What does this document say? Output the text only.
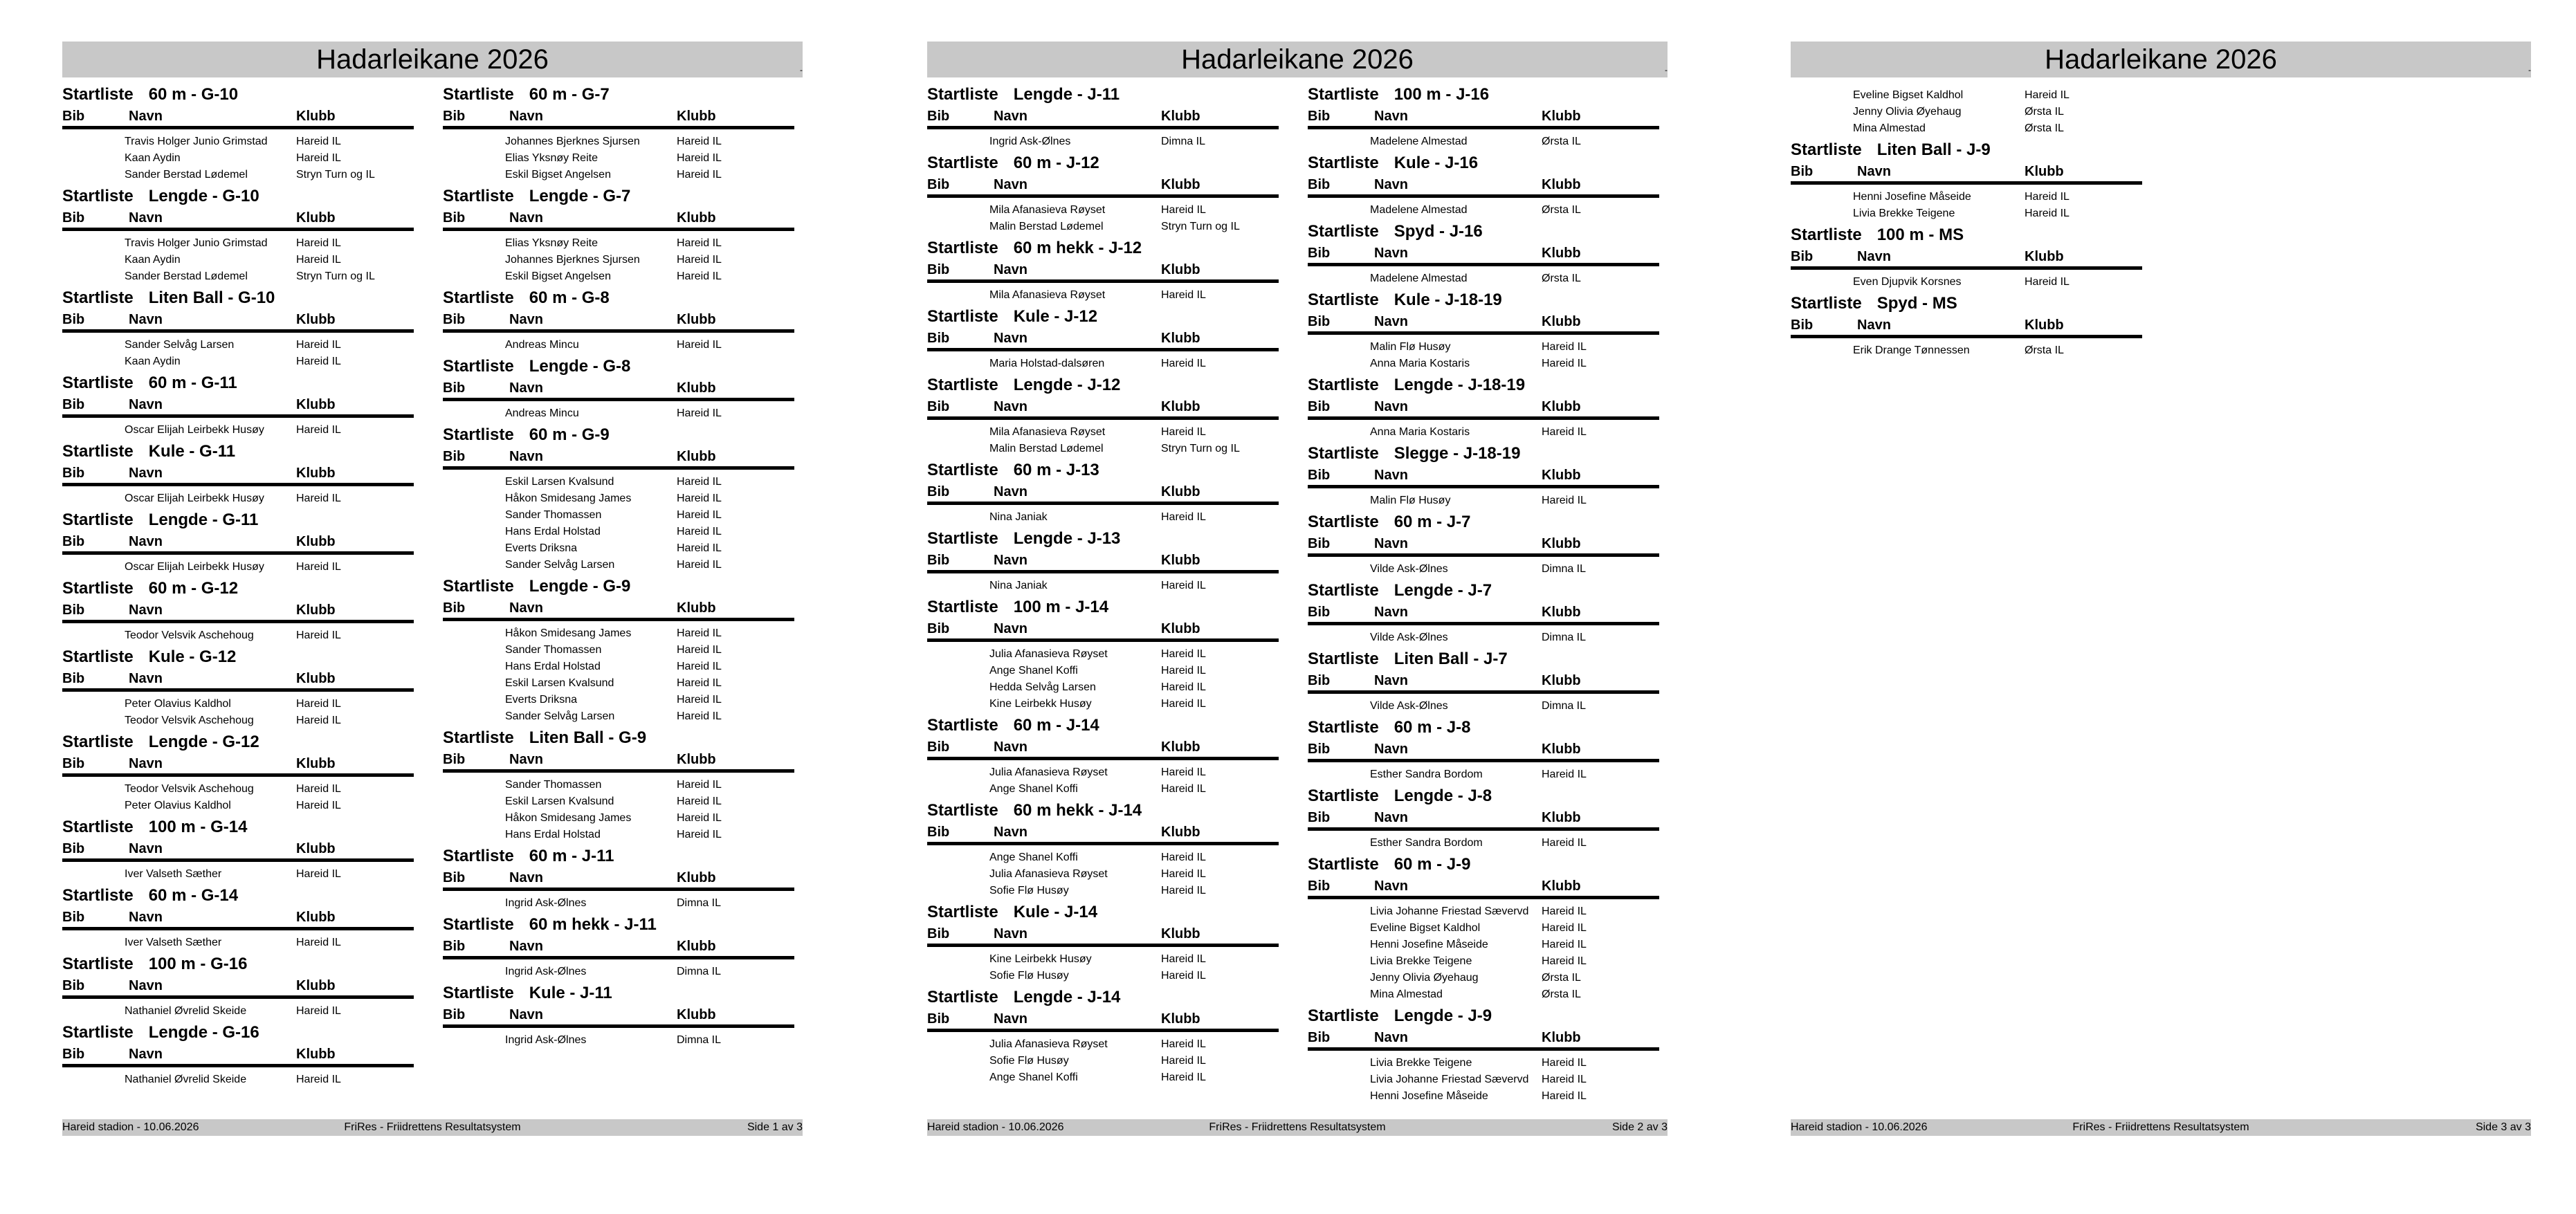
Hadarleikane 2026	-
Startliste 60 m - G-10
Bib	Navn	Klubb
Travis Holger Junio Grimstad	Hareid IL
Kaan Aydin	Hareid IL
Sander Berstad Lødemel	Stryn Turn og IL
Startliste Lengde - G-10
Bib	Navn	Klubb
Travis Holger Junio Grimstad	Hareid IL
Kaan Aydin	Hareid IL
Sander Berstad Lødemel	Stryn Turn og IL
Startliste Liten Ball - G-10
Bib	Navn	Klubb
Sander Selvåg Larsen	Hareid IL
Kaan Aydin	Hareid IL
Startliste 60 m - G-11
Bib	Navn	Klubb
Oscar Elijah Leirbekk Husøy	Hareid IL
Startliste Kule - G-11
Bib	Navn	Klubb
Oscar Elijah Leirbekk Husøy	Hareid IL
Startliste Lengde - G-11
Bib	Navn	Klubb
Oscar Elijah Leirbekk Husøy	Hareid IL
Startliste 60 m - G-12
Bib	Navn	Klubb
Teodor Velsvik Aschehoug	Hareid IL
Startliste Kule - G-12
Bib	Navn	Klubb
Peter Olavius Kaldhol	Hareid IL
Teodor Velsvik Aschehoug	Hareid IL
Startliste Lengde - G-12
Bib	Navn	Klubb
Teodor Velsvik Aschehoug	Hareid IL
Peter Olavius Kaldhol	Hareid IL
Startliste 100 m - G-14
Bib	Navn	Klubb
Iver Valseth Sæther	Hareid IL
Startliste 60 m - G-14
Bib	Navn	Klubb
Iver Valseth Sæther	Hareid IL
Startliste 100 m - G-16
Bib	Navn	Klubb
Nathaniel Øvrelid Skeide	Hareid IL
Startliste Lengde - G-16
Bib	Navn	Klubb
Nathaniel Øvrelid Skeide	Hareid IL
Startliste 60 m - G-7
Bib	Navn	Klubb
Johannes Bjerknes Sjursen	Hareid IL
Elias Yksnøy Reite	Hareid IL
Eskil Bigset Angelsen	Hareid IL
Startliste Lengde - G-7
Bib	Navn	Klubb
Elias Yksnøy Reite	Hareid IL
Johannes Bjerknes Sjursen	Hareid IL
Eskil Bigset Angelsen	Hareid IL
Startliste 60 m - G-8
Bib	Navn	Klubb
Andreas Mincu	Hareid IL
Startliste Lengde - G-8
Bib	Navn	Klubb
Andreas Mincu	Hareid IL
Startliste 60 m - G-9
Bib	Navn	Klubb
Eskil Larsen Kvalsund	Hareid IL
Håkon Smidesang James	Hareid IL
Sander Thomassen	Hareid IL
Hans Erdal Holstad	Hareid IL
Everts Driksna	Hareid IL
Sander Selvåg Larsen	Hareid IL
Startliste Lengde - G-9
Bib	Navn	Klubb
Håkon Smidesang James	Hareid IL
Sander Thomassen	Hareid IL
Hans Erdal Holstad	Hareid IL
Eskil Larsen Kvalsund	Hareid IL
Everts Driksna	Hareid IL
Sander Selvåg Larsen	Hareid IL
Startliste Liten Ball - G-9
Bib	Navn	Klubb
Sander Thomassen	Hareid IL
Eskil Larsen Kvalsund	Hareid IL
Håkon Smidesang James	Hareid IL
Hans Erdal Holstad	Hareid IL
Startliste 60 m - J-11
Bib	Navn	Klubb
Ingrid Ask-Ølnes	Dimna IL
Startliste 60 m hekk - J-11
Bib	Navn	Klubb
Ingrid Ask-Ølnes	Dimna IL
Startliste Kule - J-11
Bib	Navn	Klubb
Ingrid Ask-Ølnes	Dimna IL
Hareid stadion - 10.06.2026	FriRes - Friidrettens Resultatsystem	Side 1 av 3
Hadarleikane 2026	-
Startliste Lengde - J-11
Bib	Navn	Klubb
Ingrid Ask-Ølnes	Dimna IL
Startliste 60 m - J-12
Bib	Navn	Klubb
Mila Afanasieva Røyset	Hareid IL
Malin Berstad Lødemel	Stryn Turn og IL
Startliste 60 m hekk - J-12
Bib	Navn	Klubb
Mila Afanasieva Røyset	Hareid IL
Startliste Kule - J-12
Bib	Navn	Klubb
Maria Holstad-dalsøren	Hareid IL
Startliste Lengde - J-12
Bib	Navn	Klubb
Mila Afanasieva Røyset	Hareid IL
Malin Berstad Lødemel	Stryn Turn og IL
Startliste 60 m - J-13
Bib	Navn	Klubb
Nina Janiak	Hareid IL
Startliste Lengde - J-13
Bib	Navn	Klubb
Nina Janiak	Hareid IL
Startliste 100 m - J-14
Bib	Navn	Klubb
Julia Afanasieva Røyset	Hareid IL
Ange Shanel Koffi	Hareid IL
Hedda Selvåg Larsen	Hareid IL
Kine Leirbekk Husøy	Hareid IL
Startliste 60 m - J-14
Bib	Navn	Klubb
Julia Afanasieva Røyset	Hareid IL
Ange Shanel Koffi	Hareid IL
Startliste 60 m hekk - J-14
Bib	Navn	Klubb
Ange Shanel Koffi	Hareid IL
Julia Afanasieva Røyset	Hareid IL
Sofie Flø Husøy	Hareid IL
Startliste Kule - J-14
Bib	Navn	Klubb
Kine Leirbekk Husøy	Hareid IL
Sofie Flø Husøy	Hareid IL
Startliste Lengde - J-14
Bib	Navn	Klubb
Julia Afanasieva Røyset	Hareid IL
Sofie Flø Husøy	Hareid IL
Ange Shanel Koffi	Hareid IL
Startliste 100 m - J-16
Bib	Navn	Klubb
Madelene Almestad	Ørsta IL
Startliste Kule - J-16
Bib	Navn	Klubb
Madelene Almestad	Ørsta IL
Startliste Spyd - J-16
Bib	Navn	Klubb
Madelene Almestad	Ørsta IL
Startliste Kule - J-18-19
Bib	Navn	Klubb
Malin Flø Husøy	Hareid IL
Anna Maria Kostaris	Hareid IL
Startliste Lengde - J-18-19
Bib	Navn	Klubb
Anna Maria Kostaris	Hareid IL
Startliste Slegge - J-18-19
Bib	Navn	Klubb
Malin Flø Husøy	Hareid IL
Startliste 60 m - J-7
Bib	Navn	Klubb
Vilde Ask-Ølnes	Dimna IL
Startliste Lengde - J-7
Bib	Navn	Klubb
Vilde Ask-Ølnes	Dimna IL
Startliste Liten Ball - J-7
Bib	Navn	Klubb
Vilde Ask-Ølnes	Dimna IL
Startliste 60 m - J-8
Bib	Navn	Klubb
Esther Sandra Bordom	Hareid IL
Startliste Lengde - J-8
Bib	Navn	Klubb
Esther Sandra Bordom	Hareid IL
Startliste 60 m - J-9
Bib	Navn	Klubb
Livia Johanne Friestad Sævervd Hareid IL
Eveline Bigset Kaldhol	Hareid IL
Henni Josefine Måseide	Hareid IL
Livia Brekke Teigene	Hareid IL
Jenny Olivia Øyehaug	Ørsta IL
Mina Almestad	Ørsta IL
Startliste Lengde - J-9
Bib	Navn	Klubb
Livia Brekke Teigene	Hareid IL
Livia Johanne Friestad Sævervd Hareid IL
Henni Josefine Måseide	Hareid IL
Hareid stadion - 10.06.2026	FriRes - Friidrettens Resultatsystem	Side 2 av 3
Hadarleikane 2026	-
Eveline Bigset Kaldhol	Hareid IL
Jenny Olivia Øyehaug	Ørsta IL
Mina Almestad	Ørsta IL
Startliste Liten Ball - J-9
Bib	Navn	Klubb
Henni Josefine Måseide	Hareid IL
Livia Brekke Teigene	Hareid IL
Startliste 100 m - MS
Bib	Navn	Klubb
Even Djupvik Korsnes	Hareid IL
Startliste Spyd - MS
Bib	Navn	Klubb
Erik Drange Tønnessen	Ørsta IL
Hareid stadion - 10.06.2026	FriRes - Friidrettens Resultatsystem	Side 3 av 3
